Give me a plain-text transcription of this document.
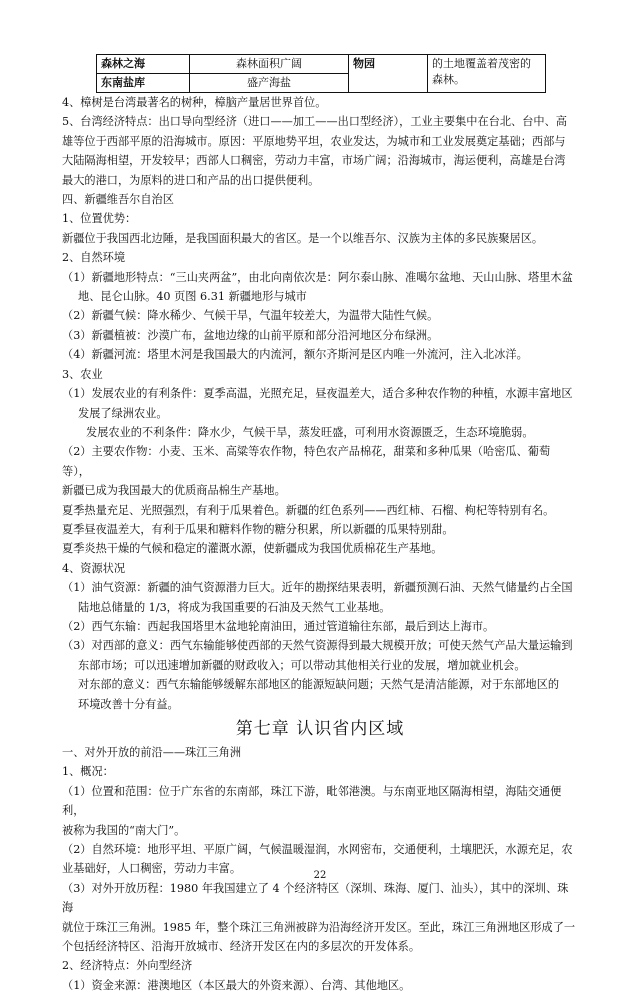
森林之海	森林面积广阔	物园	的土地覆盖着茂密的森林。
东南盐库	盛产海盐		

4、樟树是台湾最著名的树种，樟脑产量居世界首位。

5、台湾经济特点：出口导向型经济（进口——加工——出口型经济），工业主要集中在台北、台中、高

雄等位于西部平原的沿海城市。原因：平原地势平坦，农业发达，为城市和工业发展奠定基础；西部与

大陆隔海相望，开发较早；西部人口稠密，劳动力丰富，市场广阔；沿海城市，海运便利，高雄是台湾

最大的港口，为原料的进口和产品的出口提供便利。

四、新疆维吾尔自治区

1、位置优势：

新疆位于我国西北边陲，是我国面积最大的省区。是一个以维吾尔、汉族为主体的多民族聚居区。

2、自然环境

（1）新疆地形特点：“三山夹两盆”，由北向南依次是：阿尔泰山脉、准噶尔盆地、天山山脉、塔里木盆

地、昆仑山脉。40 页图 6.31 新疆地形与城市

（2）新疆气候：降水稀少、气候干旱，气温年较差大，为温带大陆性气候。

（3）新疆植被：沙漠广布，盆地边缘的山前平原和部分沿河地区分布绿洲。

（4）新疆河流：塔里木河是我国最大的内流河，额尔齐斯河是区内唯一外流河，注入北冰洋。

3、农业

（1）发展农业的有利条件：夏季高温，光照充足，昼夜温差大，适合多种农作物的种植，水源丰富地区

发展了绿洲农业。

发展农业的不利条件：降水少，气候干旱，蒸发旺盛，可利用水资源匮乏，生态环境脆弱。

（2）主要农作物：小麦、玉米、高粱等农作物，特色农产品棉花，甜菜和多种瓜果（哈密瓜、葡萄等），

新疆已成为我国最大的优质商品棉生产基地。

夏季热量充足、光照强烈，有利于瓜果着色。新疆的红色系列——西红柿、石榴、枸杞等特别有名。

夏季昼夜温差大，有利于瓜果和糖料作物的糖分积累，所以新疆的瓜果特别甜。

夏季炎热干燥的气候和稳定的灌溉水源，使新疆成为我国优质棉花生产基地。

4、资源状况

（1）油气资源：新疆的油气资源潜力巨大。近年的勘探结果表明，新疆预测石油、天然气储量约占全国

陆地总储量的 1/3，将成为我国重要的石油及天然气工业基地。

（2）西气东输：西起我国塔里木盆地轮南油田，通过管道输往东部，最后到达上海市。

（3）对西部的意义：西气东输能够使西部的天然气资源得到最大规模开放；可使天然气产品大量运输到

东部市场；可以迅速增加新疆的财政收入；可以带动其他相关行业的发展，增加就业机会。

对东部的意义：西气东输能够缓解东部地区的能源短缺问题；天然气是清洁能源，对于东部地区的

环境改善十分有益。

第七章 认识省内区域

一、对外开放的前沿——珠江三角洲

1、概况：

（1）位置和范围：位于广东省的东南部，珠江下游，毗邻港澳。与东南亚地区隔海相望，海陆交通便利，

被称为我国的“南大门”。

（2）自然环境：地形平坦、平原广阔，气候温暖湿润，水网密布，交通便利，土壤肥沃，水源充足，农

业基础好，人口稠密，劳动力丰富。

（3）对外开放历程：1980 年我国建立了 4 个经济特区（深圳、珠海、厦门、汕头），其中的深圳、珠海

就位于珠江三角洲。1985 年，整个珠江三角洲被辟为沿海经济开发区。至此，珠江三角洲地区形成了一

个包括经济特区、沿海开放城市、经济开发区在内的多层次的开发体系。

2、经济特点：外向型经济

（1）资金来源：港澳地区（本区最大的外资来源）、台湾、其他地区。

22
